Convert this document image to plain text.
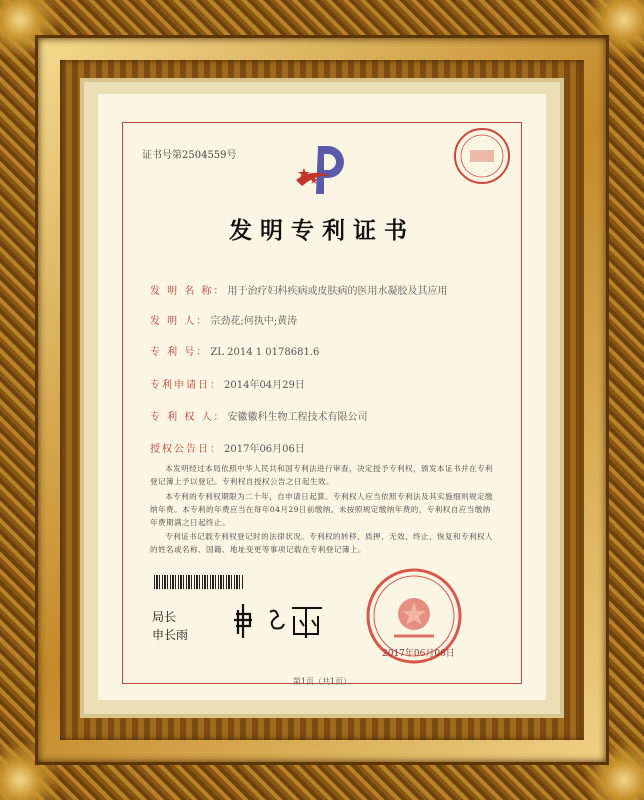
证书号第2504559号
发明专利证书
发 明 名 称： 用于治疗妇科疾病或皮肤病的医用水凝胶及其应用
发 明 人： 宗劲花;何执中;黄涛
专 利 号： ZL 2014 1 0178681.6
专利申请日： 2014年04月29日
专 利 权 人： 安徽徽科生物工程技术有限公司
授权公告日： 2017年06月06日
本发明经过本局依照中华人民共和国专利法进行审查，决定授予专利权，颁发本证书并在专利登记簿上予以登记。专利权自授权公告之日起生效。
本专利的专利权期限为二十年，自申请日起算。专利权人应当依照专利法及其实施细则规定缴纳年费。本专利的年费应当在每年04月29日前缴纳。未按照规定缴纳年费的，专利权自应当缴纳年费期满之日起终止。
专利证书记载专利权登记时的法律状况。专利权的转移、质押、无效、终止、恢复和专利权人的姓名或名称、国籍、地址变更等事项记载在专利登记簿上。
局长
申长雨
2017年06月06日
第1页（共1页）
